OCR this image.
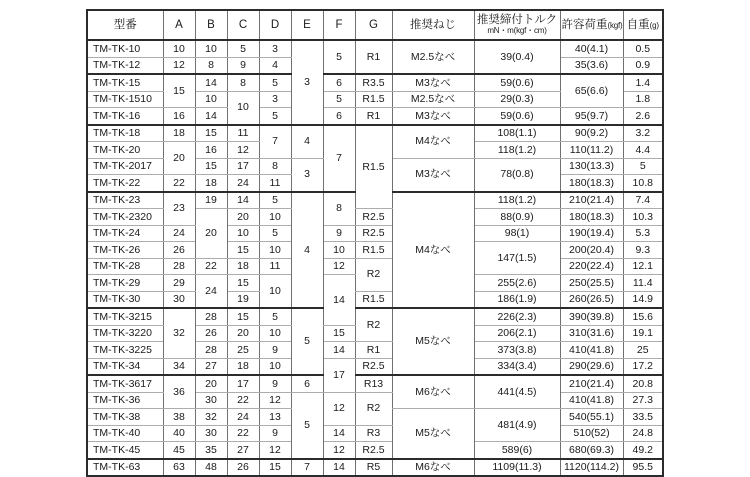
型番	A	B	C	D	E	F	G	推奨ねじ	推奨締付トルク
mN・m(kgf・cm)	許容荷重(kgf)	自重(g)
TM-TK-10	10	10	5	3	3	5	R1	M2.5なべ	39(0.4)	40(4.1)	0.5
TM-TK-12	12	8	9	4						35(3.6)	0.9
TM-TK-15	15	14	8	5		6	R3.5	M3なべ	59(0.6)	65(6.6)	1.4
TM-TK-1510		10	10	3		5	R1.5	M2.5なべ	29(0.3)		1.8
TM-TK-16	16	14		5		6	R1	M3なべ	59(0.6)	95(9.7)	2.6
TM-TK-18	18	15	11	7	4	7	R1.5	M4なべ	108(1.1)	90(9.2)	3.2
TM-TK-20	20	16	12						118(1.2)	110(11.2)	4.4
TM-TK-2017		15	17	8	3			M3なべ	78(0.8)	130(13.3)	5
TM-TK-22	22	18	24	11						180(18.3)	10.8
TM-TK-23	23	19	14	5	4	8		M4なべ	118(1.2)	210(21.4)	7.4
TM-TK-2320		20	20	10			R2.5		88(0.9)	180(18.3)	10.3
TM-TK-24	24		10	5		9	R2.5		98(1)	190(19.4)	5.3
TM-TK-26	26		15	10		10	R1.5		147(1.5)	200(20.4)	9.3
TM-TK-28	28	22	18	11		12	R2			220(22.4)	12.1
TM-TK-29	29	24	15	10		14			255(2.6)	250(25.5)	11.4
TM-TK-30	30		19				R1.5		186(1.9)	260(26.5)	14.9
TM-TK-3215	32	28	15	5	5		R2	M5なべ	226(2.3)	390(39.8)	15.6
TM-TK-3220		26	20	10		15			206(2.1)	310(31.6)	19.1
TM-TK-3225		28	25	9		14	R1		373(3.8)	410(41.8)	25
TM-TK-34	34	27	18	10		17	R2.5		334(3.4)	290(29.6)	17.2
TM-TK-3617	36	20	17	9	6		R13	M6なべ	441(4.5)	210(21.4)	20.8
TM-TK-36		30	22	12	5	12	R2			410(41.8)	27.3
TM-TK-38	38	32	24	13				M5なべ	481(4.9)	540(55.1)	33.5
TM-TK-40	40	30	22	9		14	R3			510(52)	24.8
TM-TK-45	45	35	27	12		12	R2.5		589(6)	680(69.3)	49.2
TM-TK-63	63	48	26	15	7	14	R5	M6なべ	1109(11.3)	1120(114.2)	95.5
